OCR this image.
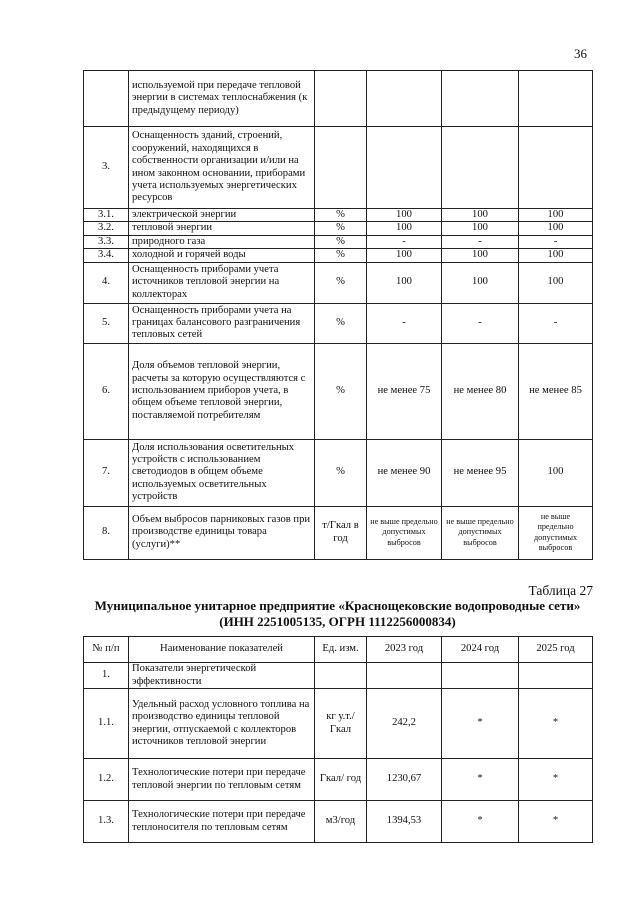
36
	используемой при передаче тепловой энергии в системах теплоснабжения (к предыдущему периоду)				
3.	Оснащенность зданий, строений, сооружений, находящихся в собственности организации и/или на ином законном основании, приборами учета используемых энергетических ресурсов				
3.1.	электрической энергии	%	100	100	100
3.2.	тепловой энергии	%	100	100	100
3.3.	природного газа	%	-	-	-
3.4.	холодной и горячей воды	%	100	100	100
4.	Оснащенность приборами учета источников тепловой энергии на коллекторах	%	100	100	100
5.	Оснащенность приборами учета на границах балансового разграничения тепловых сетей	%	-	-	-
6.	Доля объемов тепловой энергии, расчеты за которую осуществляются с использованием приборов учета, в общем объеме тепловой энергии, поставляемой потребителям	%	не менее 75	не менее 80	не менее 85
7.	Доля использования осветительных устройств с использованием светодиодов в общем объеме используемых осветительных устройств	%	не менее 90	не менее 95	100
8.	Объем выбросов парниковых газов при производстве единицы товара (услуги)**	т/Гкал в год	не выше предельно допустимых выбросов	не выше предельно допустимых выбросов	не выше предельно допустимых выбросов
Таблица 27
Муниципальное унитарное предприятие «Краснощековские водопроводные сети» (ИНН 2251005135, ОГРН 1112256000834)
№ п/п	Наименование показателей	Ед. изм.	2023 год	2024 год	2025 год
1.	Показатели энергетической эффективности				
1.1.	Удельный расход условного топлива на производство единицы тепловой энергии, отпускаемой с коллекторов источников тепловой энергии	кг у.т./ Гкал	242,2	*	*
1.2.	Технологические потери при передаче тепловой энергии по тепловым сетям	Гкал/ год	1230,67	*	*
1.3.	Технологические потери при передаче теплоносителя по тепловым сетям	м3/год	1394,53	*	*
